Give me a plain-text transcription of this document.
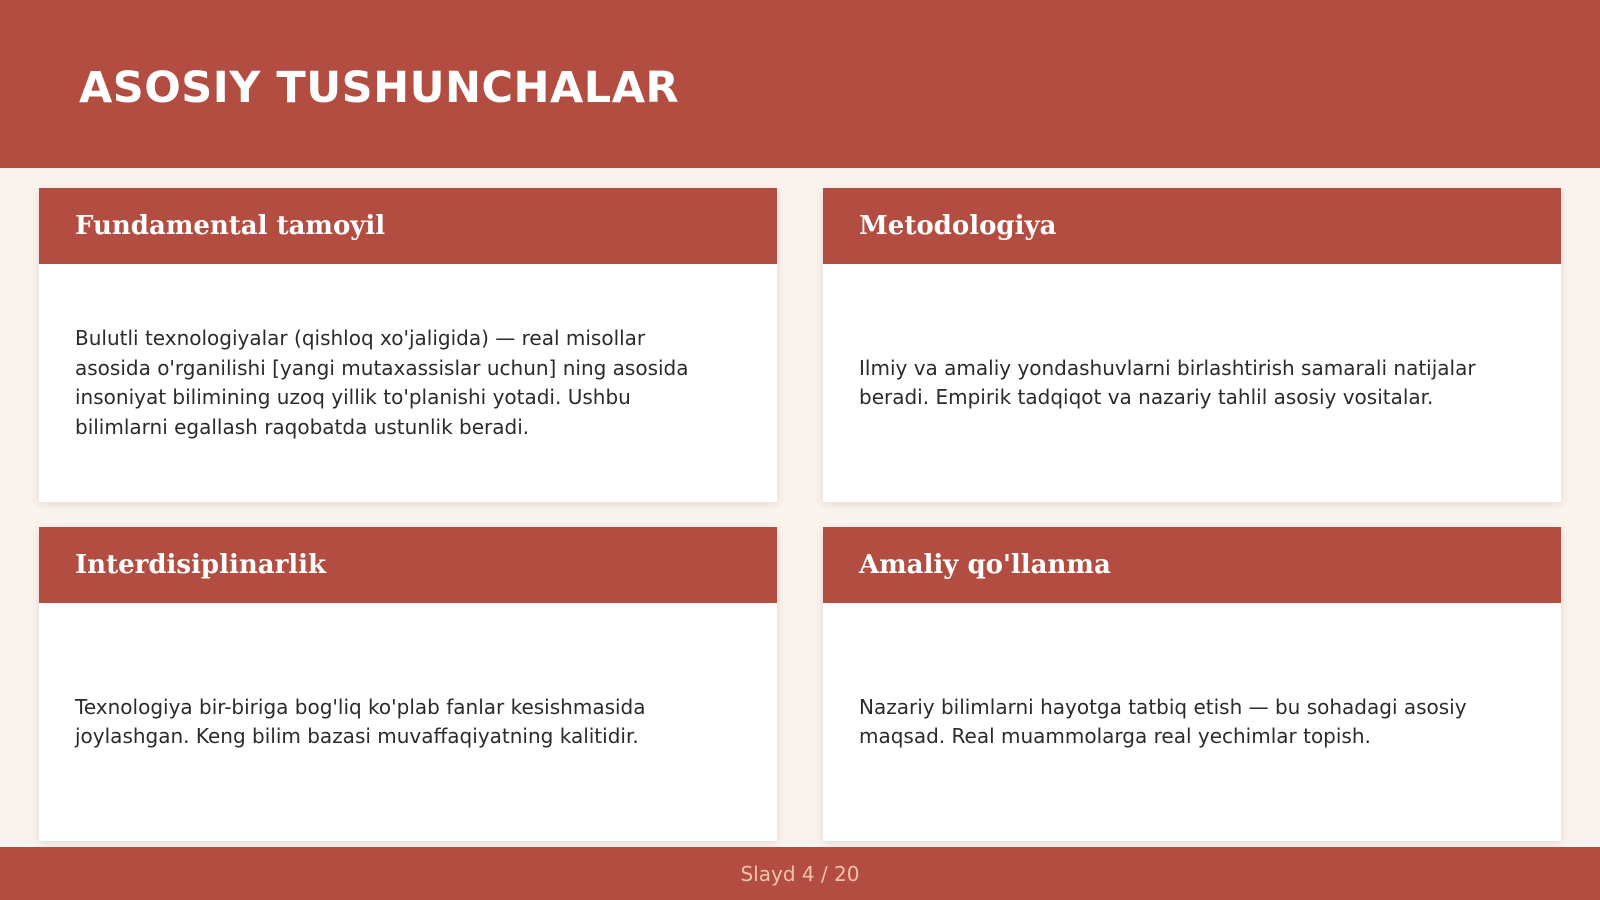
ASOSIY TUSHUNCHALAR
Fundamental tamoyil

Bulutli texnologiyalar (qishloq xo'jaligida) — real misollar asosida o'rganilishi [yangi mutaxassislar uchun] ning asosida insoniyat bilimining uzoq yillik to'planishi yotadi. Ushbu bilimlarni egallash raqobatda ustunlik beradi.

Metodologiya

Ilmiy va amaliy yondashuvlarni birlashtirish samarali natijalar beradi. Empirik tadqiqot va nazariy tahlil asosiy vositalar.

Interdisiplinarlik

Texnologiya bir-biriga bog'liq ko'plab fanlar kesishmasida joylashgan. Keng bilim bazasi muvaffaqiyatning kalitidir.

Amaliy qo'llanma

Nazariy bilimlarni hayotga tatbiq etish — bu sohadagi asosiy maqsad. Real muammolarga real yechimlar topish.

Slayd 4 / 20
